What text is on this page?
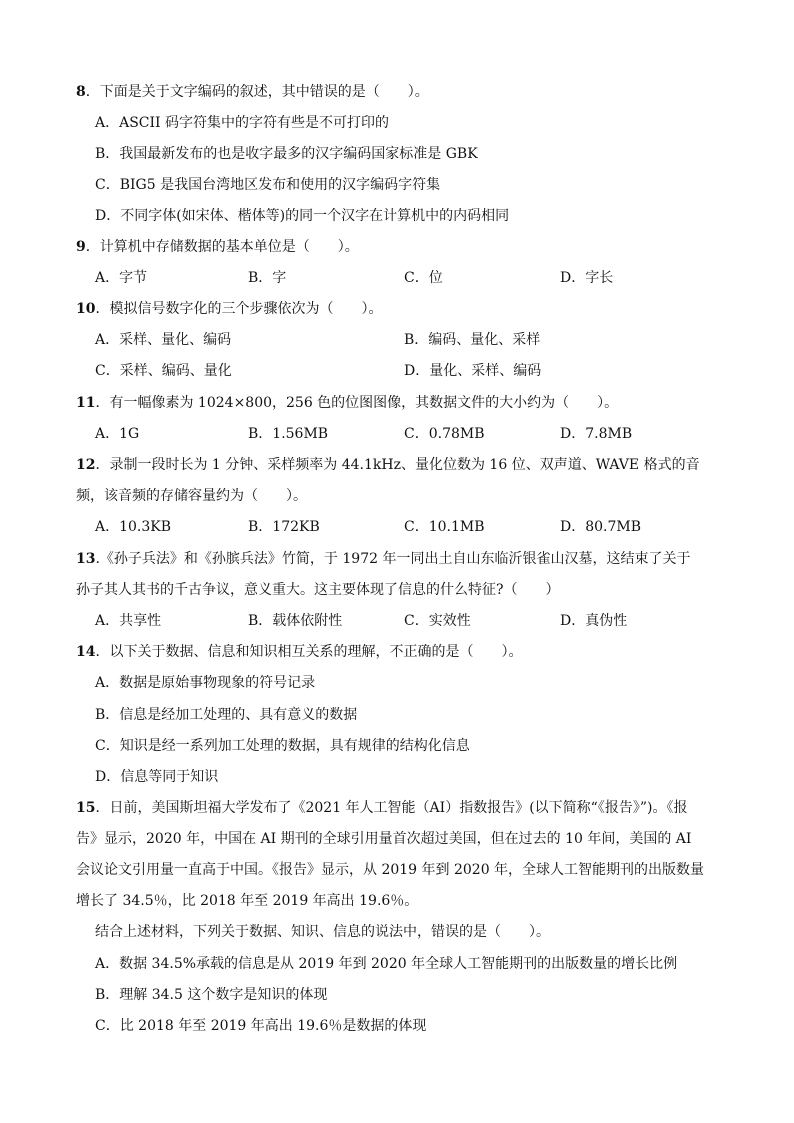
8．下面是关于文字编码的叙述，其中错误的是（　　）。
A．ASCII 码字符集中的字符有些是不可打印的
B．我国最新发布的也是收字最多的汉字编码国家标准是 GBK
C．BIG5 是我国台湾地区发布和使用的汉字编码字符集
D．不同字体(如宋体、楷体等)的同一个汉字在计算机中的内码相同
9．计算机中存储数据的基本单位是（　　）。
A．字节	B．字	C．位	D．字长
10．模拟信号数字化的三个步骤依次为（　　）。
A．采样、量化、编码	B．编码、量化、采样
C．采样、编码、量化	D．量化、采样、编码
11．有一幅像素为 1024×800，256 色的位图图像，其数据文件的大小约为（　　）。
A．1G	B．1.56MB	C．0.78MB	D．7.8MB
12．录制一段时长为 1 分钟、采样频率为 44.1kHz、量化位数为 16 位、双声道、WAVE 格式的音
频，该音频的存储容量约为（　　）。
A．10.3KB	B．172KB	C．10.1MB	D．80.7MB
13.《孙子兵法》和《孙膑兵法》竹简，于 1972 年一同出土自山东临沂银雀山汉墓，这结束了关于
孙子其人其书的千古争议，意义重大。这主要体现了信息的什么特征?（　　）
A．共享性	B．载体依附性	C．实效性	D．真伪性
14．以下关于数据、信息和知识相互关系的理解，不正确的是（　　）。
A．数据是原始事物现象的符号记录
B．信息是经加工处理的、具有意义的数据
C．知识是经一系列加工处理的数据，具有规律的结构化信息
D．信息等同于知识
15．日前，美国斯坦福大学发布了《2021 年人工智能（AI）指数报告》(以下简称“《报告》”)。《报
告》显示，2020 年，中国在 AI 期刊的全球引用量首次超过美国，但在过去的 10 年间，美国的 AI
会议论文引用量一直高于中国。《报告》显示，从 2019 年到 2020 年，全球人工智能期刊的出版数量
增长了 34.5％，比 2018 年至 2019 年高出 19.6％。
结合上述材料，下列关于数据、知识、信息的说法中，错误的是（　　）。
A．数据 34.5%承载的信息是从 2019 年到 2020 年全球人工智能期刊的出版数量的增长比例
B．理解 34.5 这个数字是知识的体现
C．比 2018 年至 2019 年高出 19.6％是数据的体现
